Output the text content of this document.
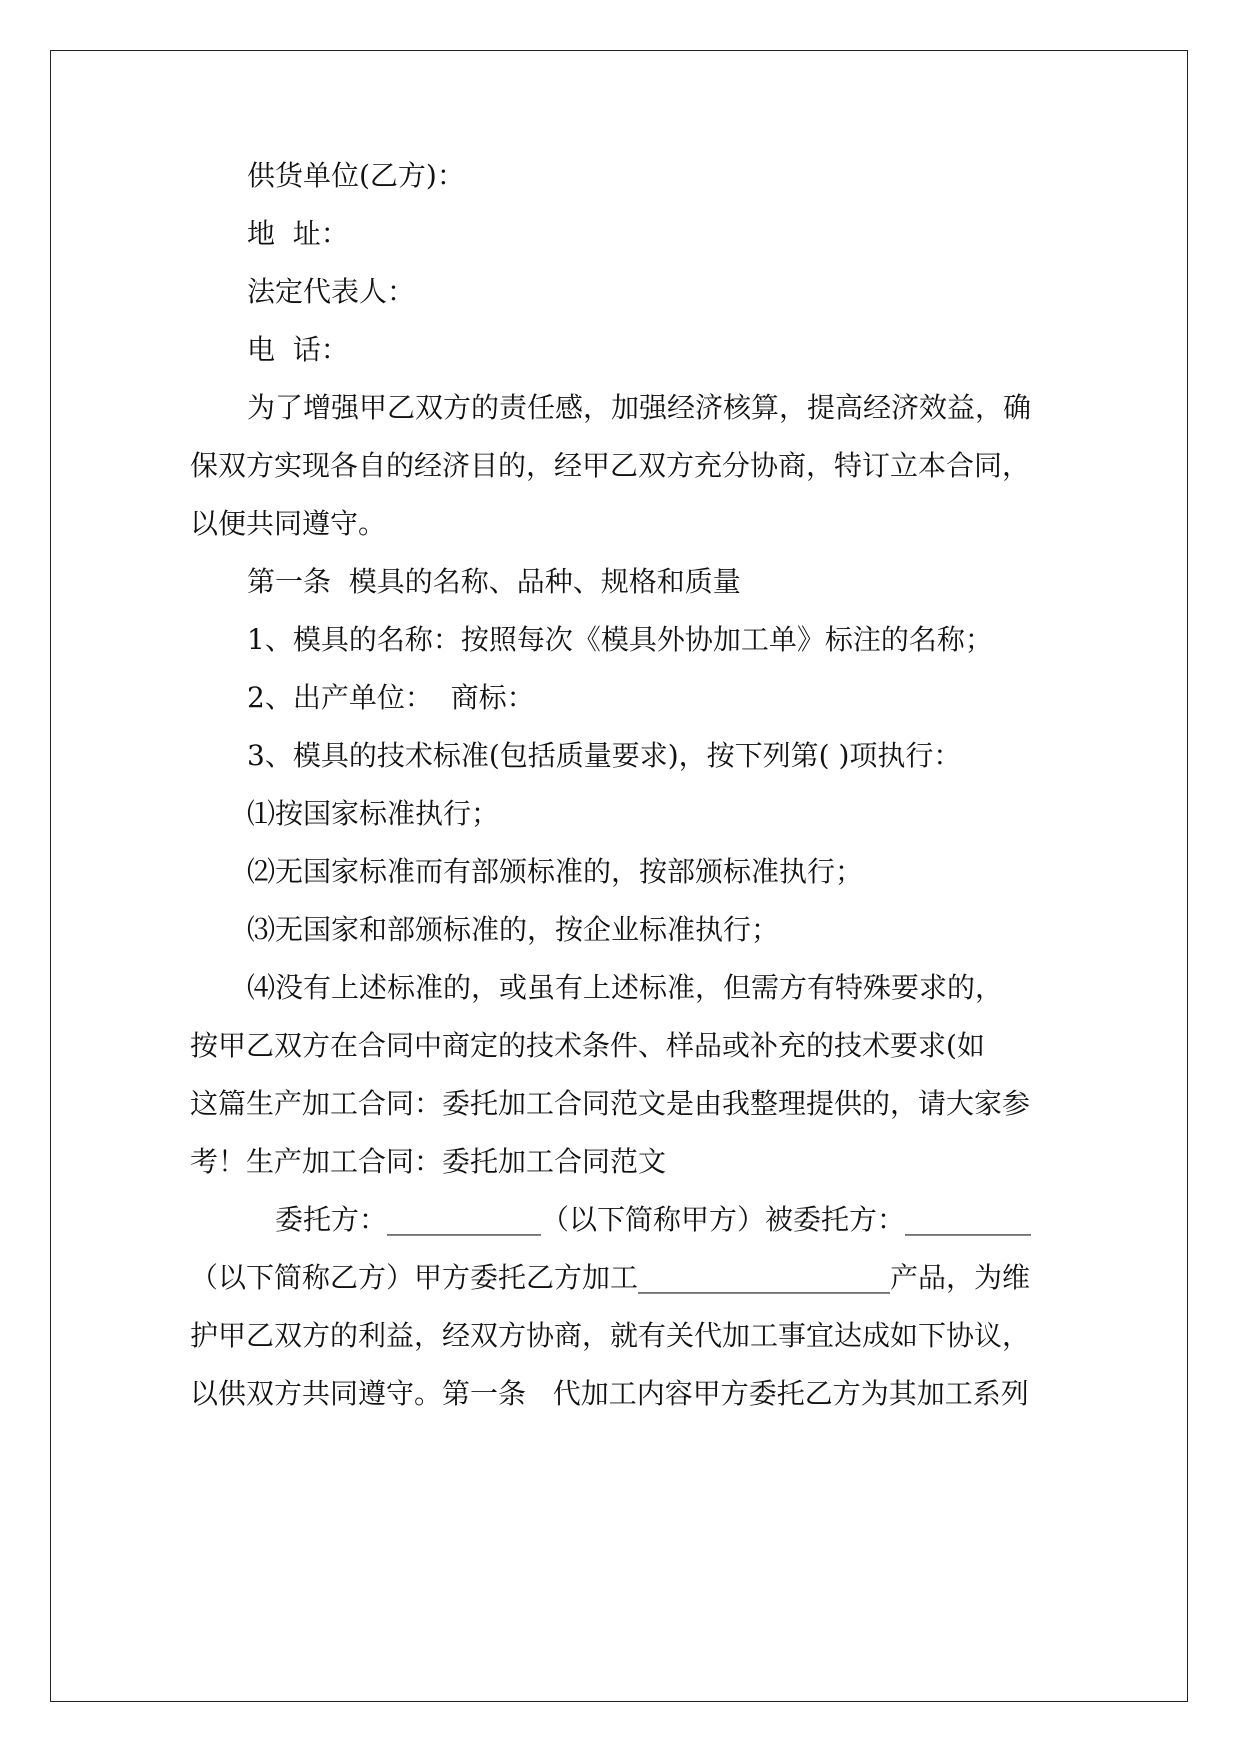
供货单位(乙方)：
地  址：
法定代表人：
电  话：
为了增强甲乙双方的责任感，加强经济核算，提高经济效益，确
保双方实现各自的经济目的，经甲乙双方充分协商，特订立本合同，
以便共同遵守。
第一条  模具的名称、品种、规格和质量
1、模具的名称：按照每次《模具外协加工单》标注的名称；
2、出产单位：  商标：
3、模具的技术标准(包括质量要求)，按下列第( )项执行：
⑴按国家标准执行；
⑵无国家标准而有部颁标准的，按部颁标准执行；
⑶无国家和部颁标准的，按企业标准执行；
⑷没有上述标准的，或虽有上述标准，但需方有特殊要求的，
按甲乙双方在合同中商定的技术条件、样品或补充的技术要求(如
这篇生产加工合同：委托加工合同范文是由我整理提供的，请大家参
考！生产加工合同：委托加工合同范文
委托方：___________（以下简称甲方）被委托方：_________
（以下简称乙方）甲方委托乙方加工__________________产品，为维
护甲乙双方的利益，经双方协商，就有关代加工事宜达成如下协议，
以供双方共同遵守。第一条   代加工内容甲方委托乙方为其加工系列
